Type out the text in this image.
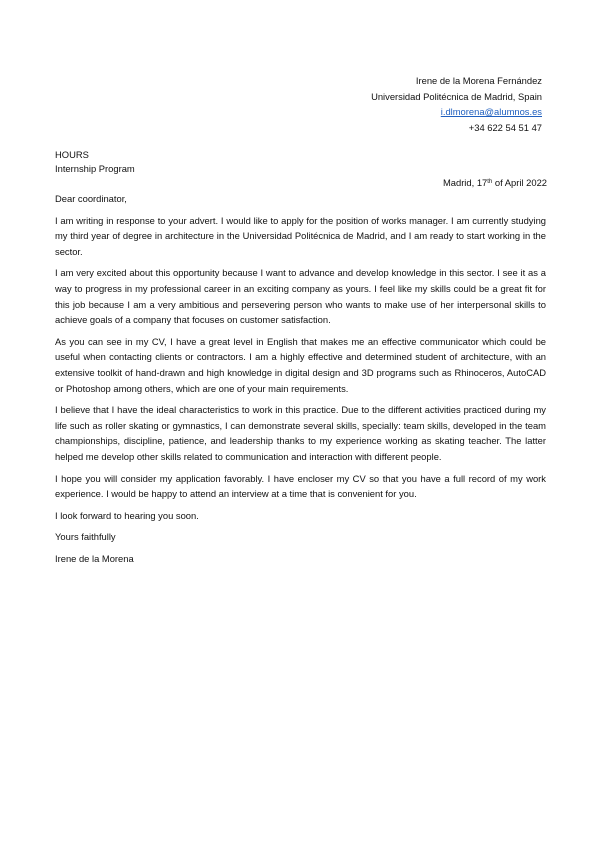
Irene de la Morena Fernández
Universidad Politécnica de Madrid, Spain
i.dlmorena@alumnos.es
+34 622 54 51 47
HOURS
Internship Program
Madrid, 17th of April 2022

Dear coordinator,

I am writing in response to your advert. I would like to apply for the position of works manager. I am currently studying my third year of degree in architecture in the Universidad Politécnica de Madrid, and I am ready to start working in the sector.

I am very excited about this opportunity because I want to advance and develop knowledge in this sector. I see it as a way to progress in my professional career in an exciting company as yours. I feel like my skills could be a great fit for this job because I am a very ambitious and persevering person who wants to make use of her interpersonal skills to achieve goals of a company that focuses on customer satisfaction.

As you can see in my CV, I have a great level in English that makes me an effective communicator which could be useful when contacting clients or contractors. I am a highly effective and determined student of architecture, with an extensive toolkit of hand-drawn and high knowledge in digital design and 3D programs such as Rhinoceros, AutoCAD or Photoshop among others, which are one of your main requirements.

I believe that I have the ideal characteristics to work in this practice. Due to the different activities practiced during my life such as roller skating or gymnastics, I can demonstrate several skills, specially: team skills, developed in the team championships, discipline, patience, and leadership thanks to my experience working as skating teacher. The latter helped me develop other skills related to communication and interaction with different people.

I hope you will consider my application favorably. I have encloser my CV so that you have a full record of my work experience. I would be happy to attend an interview at a time that is convenient for you.

I look forward to hearing you soon.

Yours faithfully

Irene de la Morena
